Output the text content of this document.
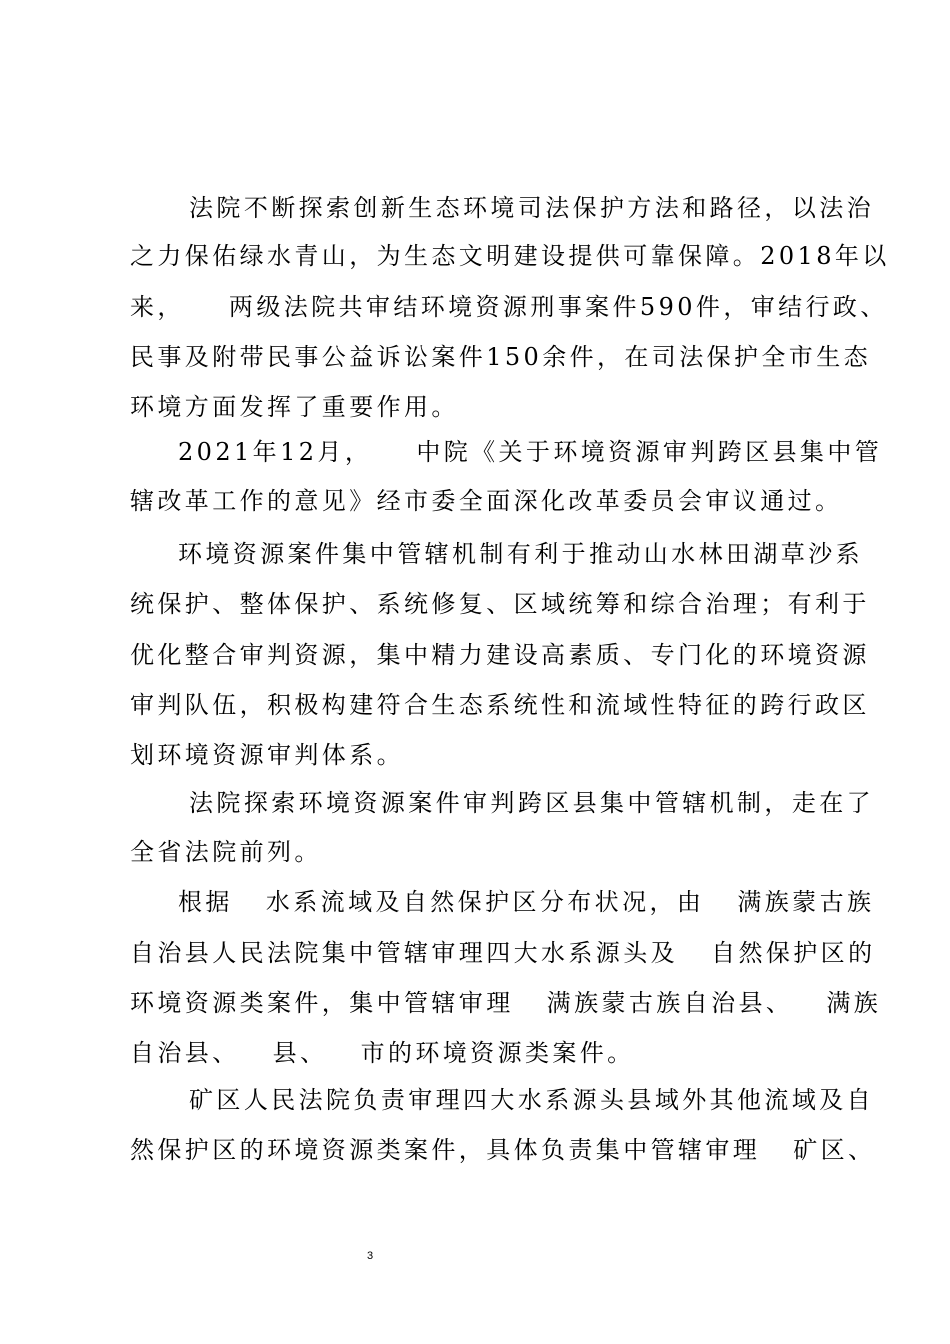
法院不断探索创新生态环境司法保护方法和路径，以法治
之力保佑绿水青山，为生态文明建设提供可靠保障。2018年以
来，    两级法院共审结环境资源刑事案件590件，审结行政、
民事及附带民事公益诉讼案件150余件，在司法保护全市生态
环境方面发挥了重要作用。
2021年12月，    中院《关于环境资源审判跨区县集中管
辖改革工作的意见》经市委全面深化改革委员会审议通过。
环境资源案件集中管辖机制有利于推动山水林田湖草沙系
统保护、整体保护、系统修复、区域统筹和综合治理；有利于
优化整合审判资源，集中精力建设高素质、专门化的环境资源
审判队伍，积极构建符合生态系统性和流域性特征的跨行政区
划环境资源审判体系。
法院探索环境资源案件审判跨区县集中管辖机制，走在了
全省法院前列。
根据   水系流域及自然保护区分布状况，由   满族蒙古族
自治县人民法院集中管辖审理四大水系源头及   自然保护区的
环境资源类案件，集中管辖审理   满族蒙古族自治县、   满族
自治县、   县、   市的环境资源类案件。
矿区人民法院负责审理四大水系源头县域外其他流域及自
然保护区的环境资源类案件，具体负责集中管辖审理   矿区、
3
